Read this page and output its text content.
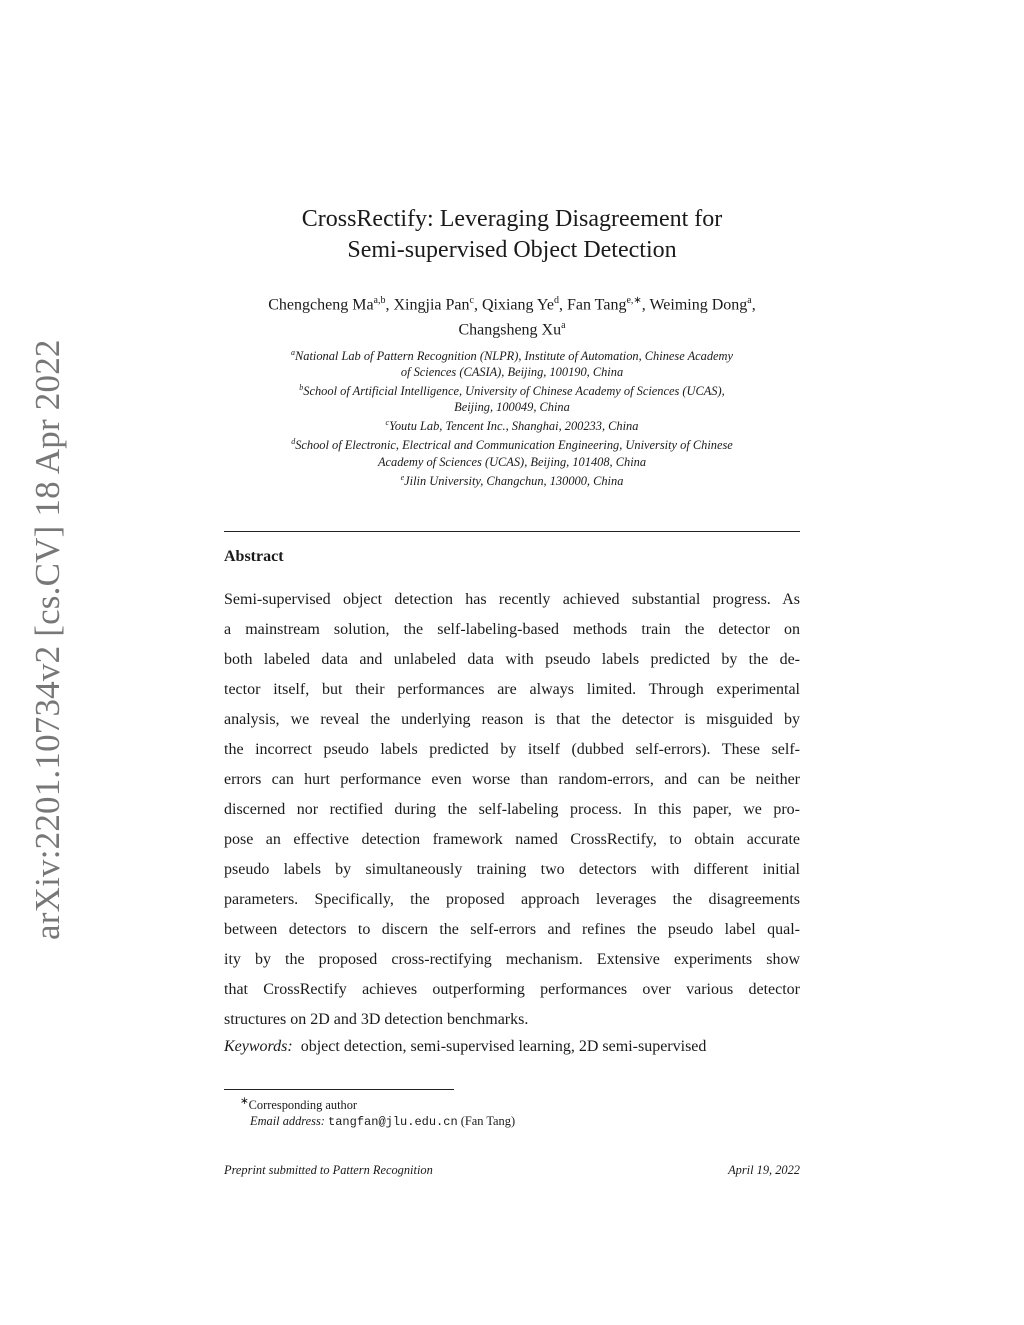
arXiv:2201.10734v2 [cs.CV] 18 Apr 2022
CrossRectify: Leveraging Disagreement for
Semi-supervised Object Detection
Chengcheng Ma$^{a,b}$, Xingjia Pan$^c$, Qixiang Ye$^d$, Fan Tang$^{e,∗}$, Weiming Dong$^a$,
Changsheng Xu$^a$
$^a$National Lab of Pattern Recognition (NLPR), Institute of Automation, Chinese Academy
of Sciences (CASIA), Beijing, 100190, China
$^b$School of Artificial Intelligence, University of Chinese Academy of Sciences (UCAS),
Beijing, 100049, China
$^c$Youtu Lab, Tencent Inc., Shanghai, 200233, China
$^d$School of Electronic, Electrical and Communication Engineering, University of Chinese
Academy of Sciences (UCAS), Beijing, 101408, China
$^e$Jilin University, Changchun, 130000, China
Abstract
Semi-supervised object detection has recently achieved substantial progress. As
a mainstream solution, the self-labeling-based methods train the detector on
both labeled data and unlabeled data with pseudo labels predicted by the de-
tector itself, but their performances are always limited. Through experimental
analysis, we reveal the underlying reason is that the detector is misguided by
the incorrect pseudo labels predicted by itself (dubbed self-errors). These self-
errors can hurt performance even worse than random-errors, and can be neither
discerned nor rectified during the self-labeling process. In this paper, we pro-
pose an effective detection framework named CrossRectify, to obtain accurate
pseudo labels by simultaneously training two detectors with different initial
parameters. Specifically, the proposed approach leverages the disagreements
between detectors to discern the self-errors and refines the pseudo label qual-
ity by the proposed cross-rectifying mechanism. Extensive experiments show
that CrossRectify achieves outperforming performances over various detector
structures on 2D and 3D detection benchmarks.
Keywords: object detection, semi-supervised learning, 2D semi-supervised
∗Corresponding author
Email address: tangfan@jlu.edu.cn (Fan Tang)
Preprint submitted to Pattern Recognition	April 19, 2022
